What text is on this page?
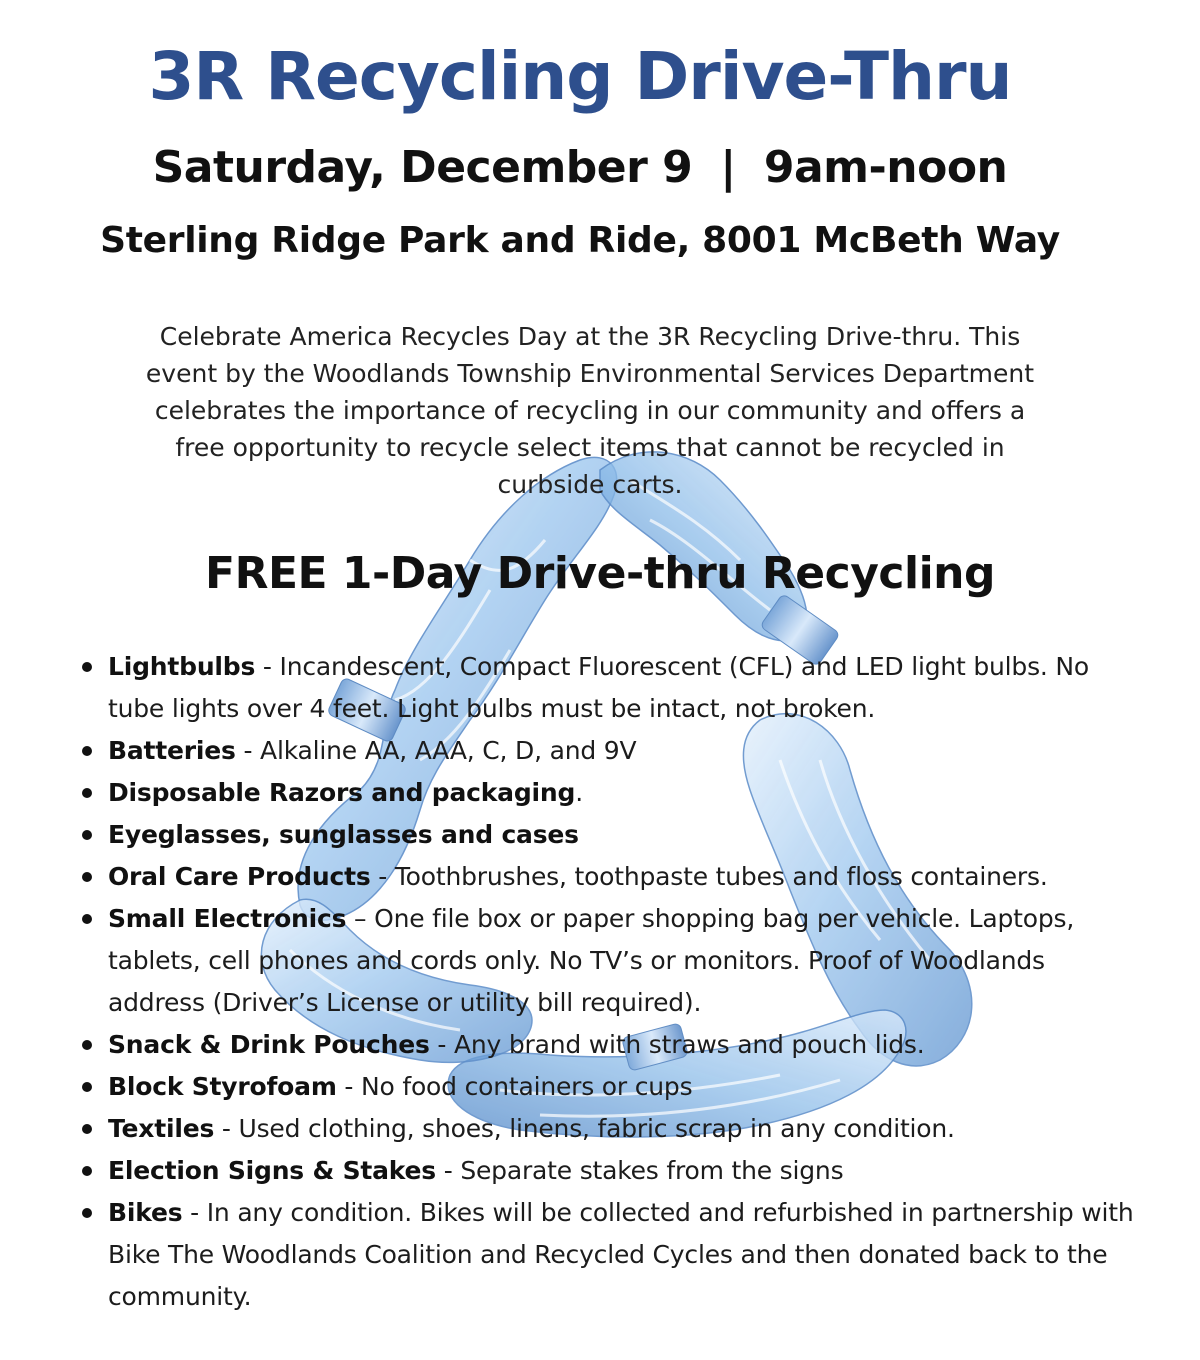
3R Recycling Drive-Thru
Saturday, December 9 | 9am-noon
Sterling Ridge Park and Ride, 8001 McBeth Way

Celebrate America Recycles Day at the 3R Recycling Drive-thru. This
event by the Woodlands Township Environmental Services Department
celebrates the importance of recycling in our community and offers a
free opportunity to recycle select items that cannot be recycled in
curbside carts.

FREE 1-Day Drive-thru Recycling
Lightbulbs - Incandescent, Compact Fluorescent (CFL) and LED light bulbs. No tube lights over 4 feet. Light bulbs must be intact, not broken.
Batteries - Alkaline AA, AAA, C, D, and 9V
Disposable Razors and packaging.
Eyeglasses, sunglasses and cases
Oral Care Products - Toothbrushes, toothpaste tubes and floss containers.
Small Electronics – One file box or paper shopping bag per vehicle. Laptops, tablets, cell phones and cords only. No TV’s or monitors. Proof of Woodlands address (Driver’s License or utility bill required).
Snack & Drink Pouches - Any brand with straws and pouch lids.
Block Styrofoam - No food containers or cups
Textiles - Used clothing, shoes, linens, fabric scrap in any condition.
Election Signs & Stakes - Separate stakes from the signs
Bikes - In any condition. Bikes will be collected and refurbished in partnership with Bike The Woodlands Coalition and Recycled Cycles and then donated back to the community.
